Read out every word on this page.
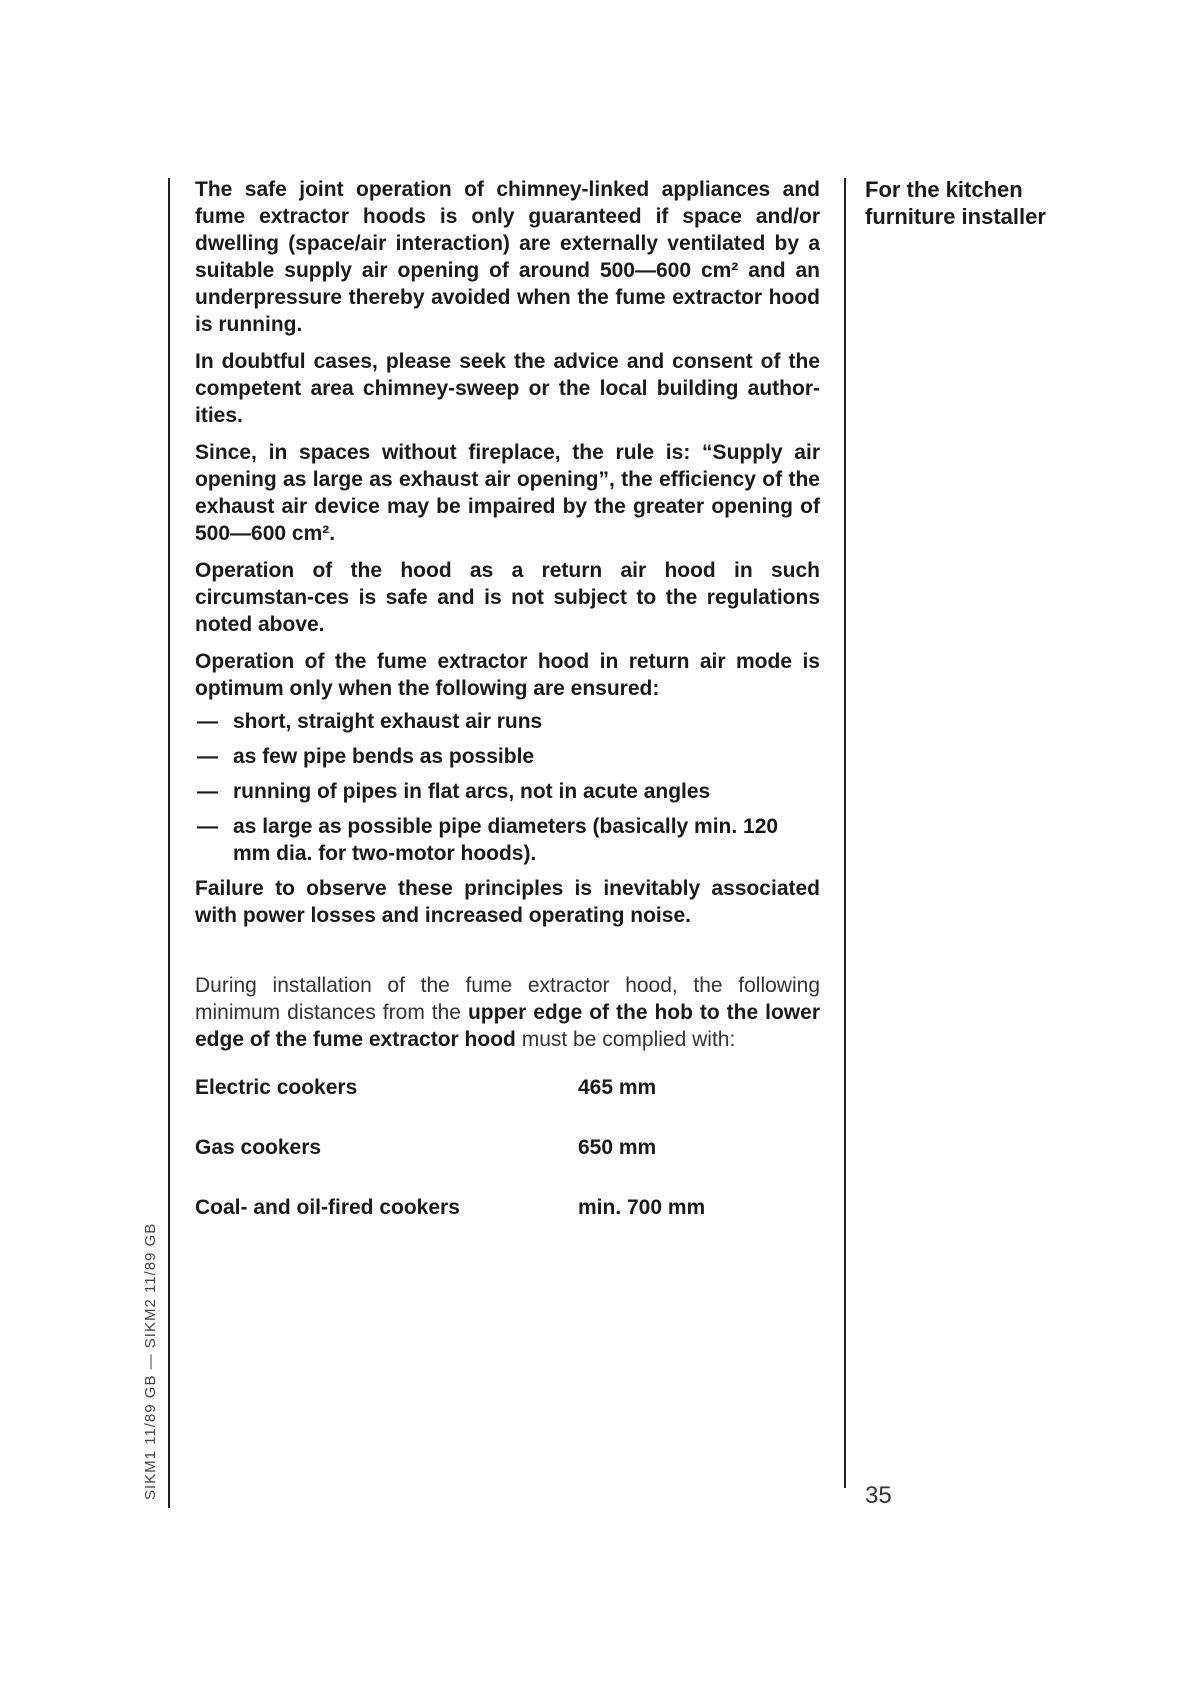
The safe joint operation of chimney-linked appliances and fume extractor hoods is only guaranteed if space and/or dwelling (space/air interaction) are externally ventilated by a suitable supply air opening of around 500—600 cm² and an underpressure thereby avoided when the fume extractor hood is running.

In doubtful cases, please seek the advice and consent of the competent area chimney-sweep or the local building author-ities.

Since, in spaces without fireplace, the rule is: “Supply air opening as large as exhaust air opening”, the efficiency of the exhaust air device may be impaired by the greater opening of 500—600 cm².

Operation of the hood as a return air hood in such circumstan-ces is safe and is not subject to the regulations noted above.

Operation of the fume extractor hood in return air mode is optimum only when the following are ensured:

— short, straight exhaust air runs
— as few pipe bends as possible
— running of pipes in flat arcs, not in acute angles
— as large as possible pipe diameters (basically min. 120 mm dia. for two-motor hoods).

Failure to observe these principles is inevitably associated with power losses and increased operating noise.

During installation of the fume extractor hood, the following minimum distances from the upper edge of the hob to the lower edge of the fume extractor hood must be complied with:
Electric cookers	465 mm
Gas cookers	650 mm
Coal- and oil-fired cookers	min. 700 mm
For the kitchen furniture installer
35
SIKM1 11/89 GB — SIKM2 11/89 GB
